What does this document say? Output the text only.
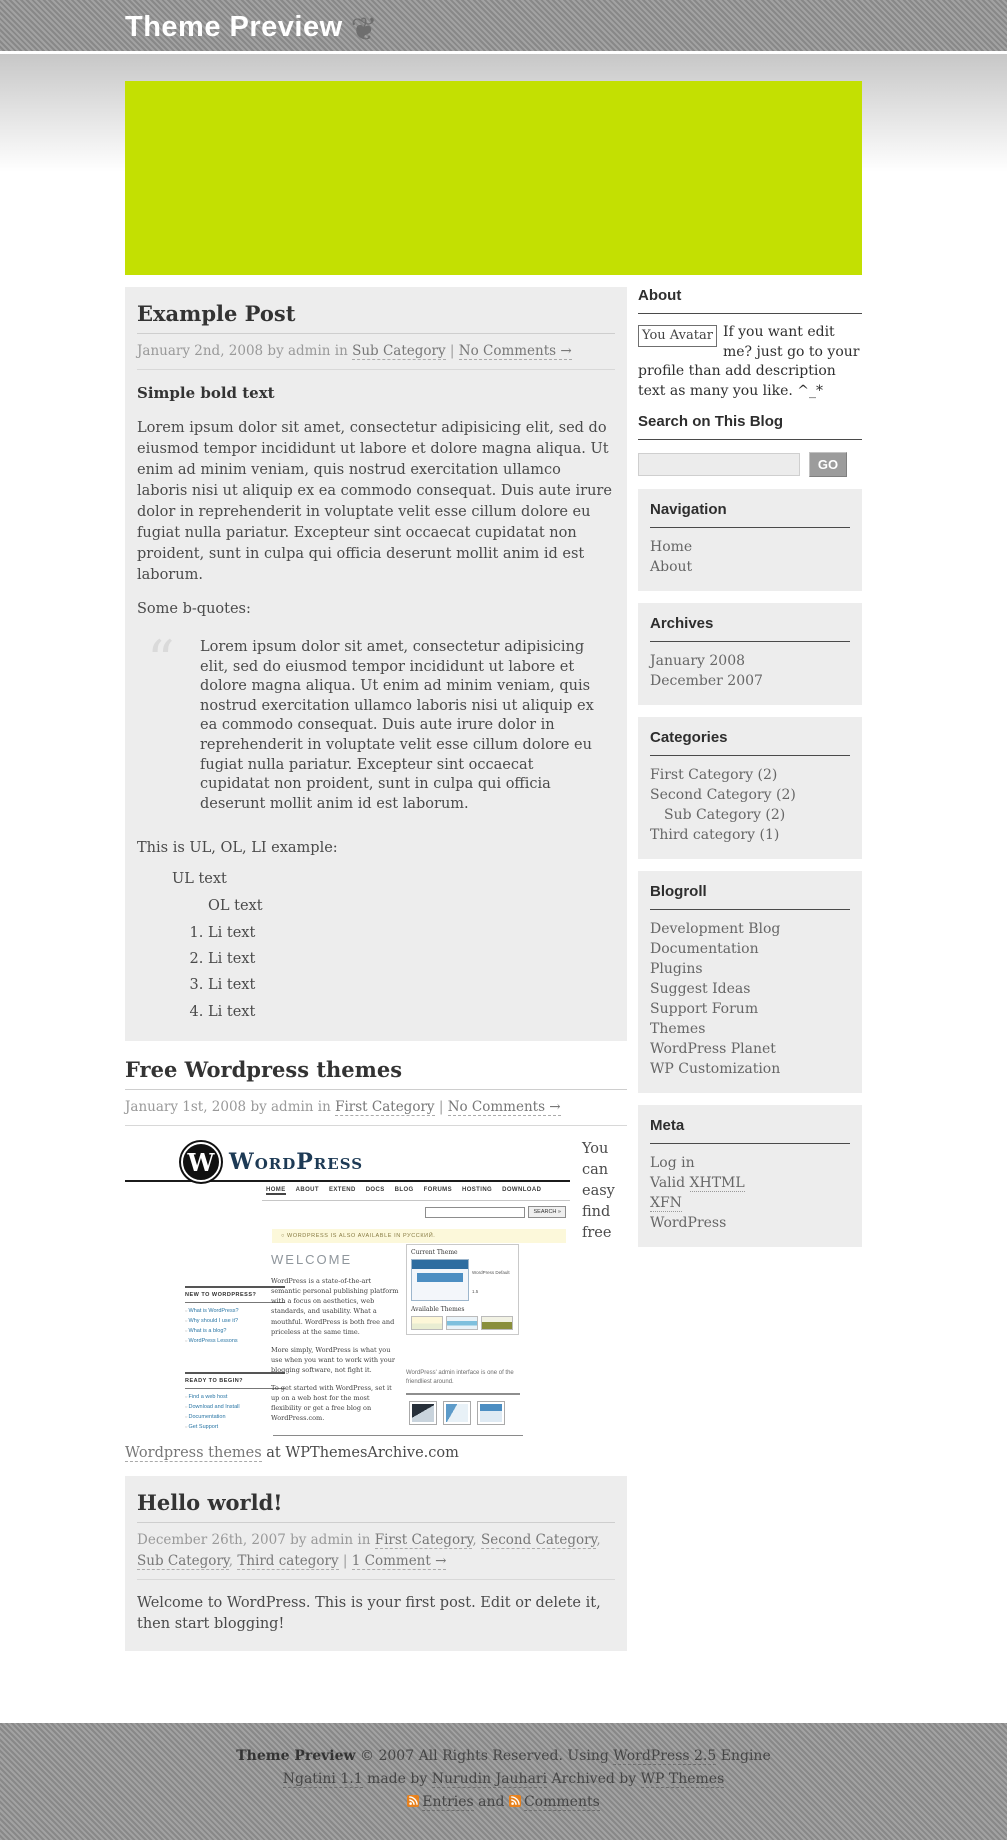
Theme Preview ❦
Example Post
January 2nd, 2008 by admin in Sub Category | No Comments →

Simple bold text

Lorem ipsum dolor sit amet, consectetur adipisicing elit, sed do eiusmod tempor incididunt ut labore et dolore magna aliqua. Ut enim ad minim veniam, quis nostrud exercitation ullamco laboris nisi ut aliquip ex ea commodo consequat. Duis aute irure dolor in reprehenderit in voluptate velit esse cillum dolore eu fugiat nulla pariatur. Excepteur sint occaecat cupidatat non proident, sunt in culpa qui officia deserunt mollit anim id est laborum.

Some b-quotes:

“ Lorem ipsum dolor sit amet, consectetur adipisicing elit, sed do eiusmod tempor incididunt ut labore et dolore magna aliqua. Ut enim ad minim veniam, quis nostrud exercitation ullamco laboris nisi ut aliquip ex ea commodo consequat. Duis aute irure dolor in reprehenderit in voluptate velit esse cillum dolore eu fugiat nulla pariatur. Excepteur sint occaecat cupidatat non proident, sunt in culpa qui officia deserunt mollit anim id est laborum.

This is UL, OL, LI example:

UL text
OL text
1. Li text
2. Li text
3. Li text
4. Li text
Free Wordpress themes
January 1st, 2008 by admin in First Category | No Comments →
W WordPress
HOME ABOUT EXTEND DOCS BLOG FORUMS HOSTING DOWNLOAD
SEARCH »
○ WORDPRESS IS ALSO AVAILABLE IN РУССКИЙ.
NEW TO WORDPRESS?
○ What is WordPress?
○ Why should I use it?
○ What is a blog?
○ WordPress Lessons
READY TO BEGIN?
○ Find a web host
○ Download and Install
○ Documentation
○ Get Support
WELCOME

WordPress is a state-of-the-art semantic personal publishing platform with a focus on aesthetics, web standards, and usability. What a mouthful. WordPress is both free and priceless at the same time.

More simply, WordPress is what you use when you want to work with your blogging software, not fight it.

To get started with WordPress, set it up on a web host for the most flexibility or get a free blog on WordPress.com.

Current Theme
WordPress Default 1.5
Available Themes
WordPress' admin interface is one of the friendliest around.

You can easy find free Wordpress themes at WPThemesArchive.com

Hello world!
December 26th, 2007 by admin in First Category, Second Category, Sub Category, Third category | 1 Comment →

Welcome to WordPress. This is your first post. Edit or delete it, then start blogging!

About
You Avatar If you want edit me? just go to your profile than add description text as many you like. ^_*
Search on This Blog
GO
Navigation
Home
About
Archives
January 2008
December 2007
Categories
First Category (2)
Second Category (2)
Sub Category (2)
Third category (1)
Blogroll
Development Blog
Documentation
Plugins
Suggest Ideas
Support Forum
Themes
WordPress Planet
WP Customization
Meta
Log in
Valid XHTML
XFN
WordPress
Theme Preview © 2007 All Rights Reserved. Using WordPress 2.5 Engine
Ngatini 1.1 made by Nurudin Jauhari Archived by WP Themes
Entries and Comments
